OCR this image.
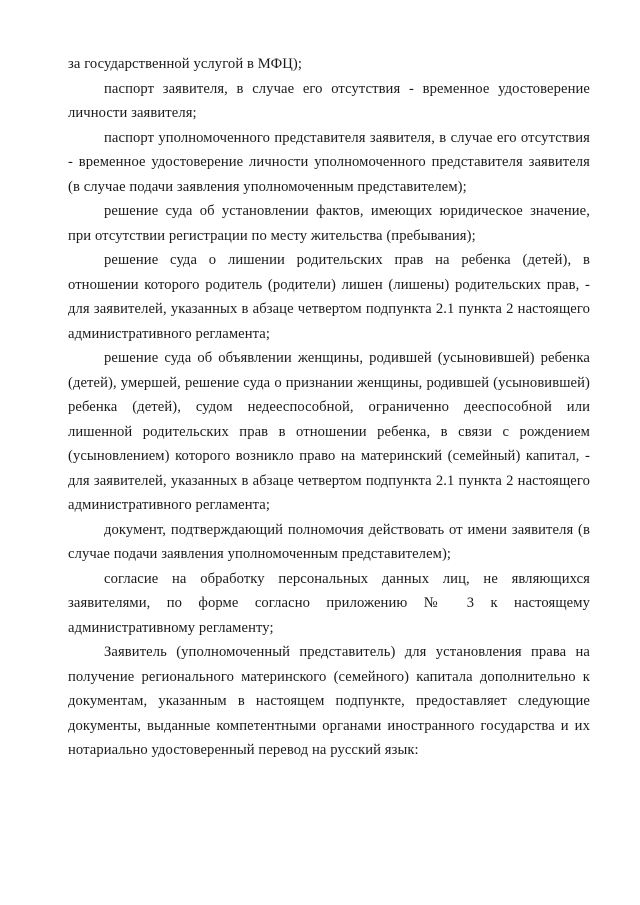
за государственной услугой в МФЦ);

паспорт заявителя, в случае его отсутствия - временное удостоверение личности заявителя;

паспорт уполномоченного представителя заявителя, в случае его отсутствия - временное удостоверение личности уполномоченного представителя заявителя (в случае подачи заявления уполномоченным представителем);

решение суда об установлении фактов, имеющих юридическое значение, при отсутствии регистрации по месту жительства (пребывания);

решение суда о лишении родительских прав на ребенка (детей), в отношении которого родитель (родители) лишен (лишены) родительских прав, - для заявителей, указанных в абзаце четвертом подпункта 2.1 пункта 2 настоящего административного регламента;

решение суда об объявлении женщины, родившей (усыновившей) ребенка (детей), умершей, решение суда о признании женщины, родившей (усыновившей) ребенка (детей), судом недееспособной, ограниченно дееспособной или лишенной родительских прав в отношении ребенка, в связи с рождением (усыновлением) которого возникло право на материнский (семейный) капитал, - для заявителей, указанных в абзаце четвертом подпункта 2.1 пункта 2 настоящего административного регламента;

документ, подтверждающий полномочия действовать от имени заявителя (в случае подачи заявления уполномоченным представителем);

согласие на обработку персональных данных лиц, не являющихся заявителями, по форме согласно приложению № 3 к настоящему административному регламенту;

Заявитель (уполномоченный представитель) для установления права на получение регионального материнского (семейного) капитала дополнительно к документам, указанным в настоящем подпункте, предоставляет следующие документы, выданные компетентными органами иностранного государства и их нотариально удостоверенный перевод на русский язык:
